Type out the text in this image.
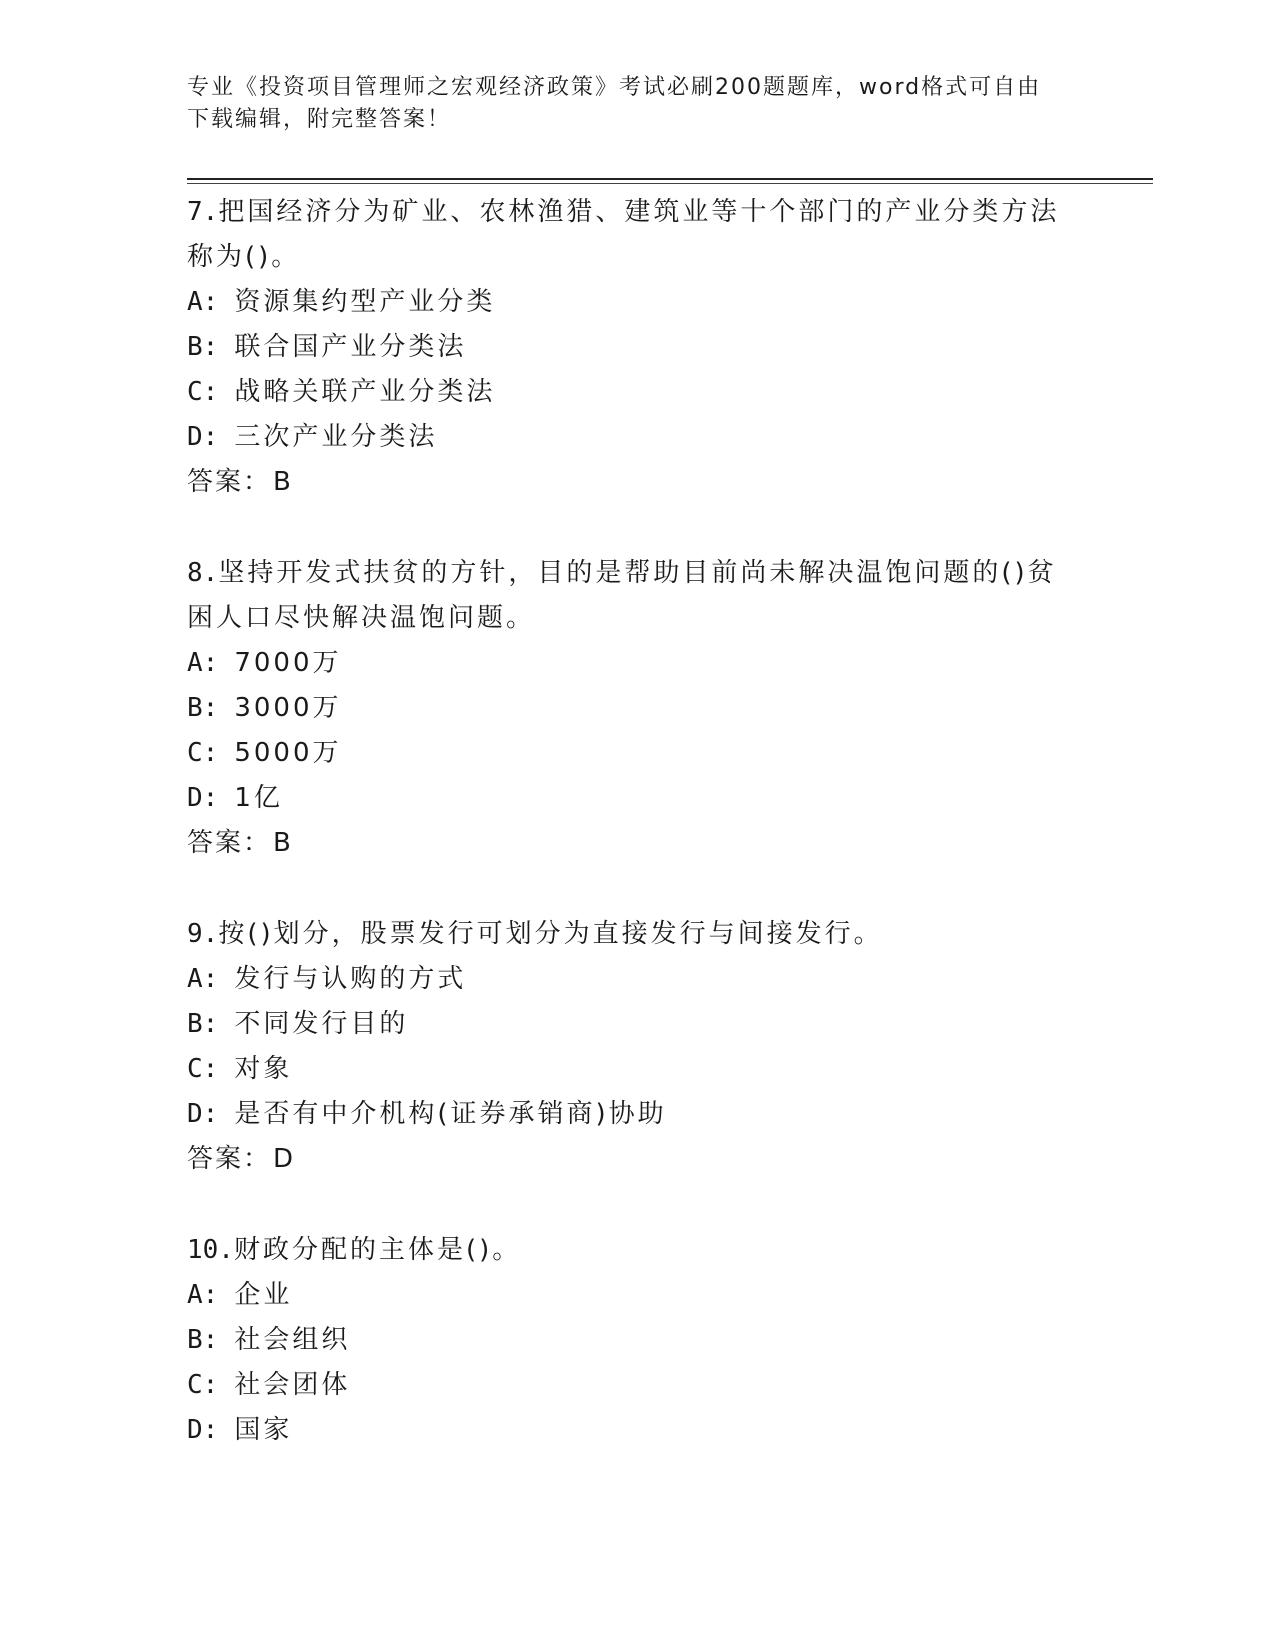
专业《投资项目管理师之宏观经济政策》考试必刷200题题库，word格式可自由
下载编辑，附完整答案！

7.把国经济分为矿业、农林渔猎、建筑业等十个部门的产业分类方法

称为()。

A: 资源集约型产业分类

B: 联合国产业分类法

C: 战略关联产业分类法

D: 三次产业分类法

答案：B

8.坚持开发式扶贫的方针，目的是帮助目前尚未解决温饱问题的()贫

困人口尽快解决温饱问题。

A: 7000万

B: 3000万

C: 5000万

D: 1亿

答案：B

9.按()划分，股票发行可划分为直接发行与间接发行。

A: 发行与认购的方式

B: 不同发行目的

C: 对象

D: 是否有中介机构(证券承销商)协助

答案：D

10.财政分配的主体是()。

A: 企业

B: 社会组织

C: 社会团体

D: 国家
